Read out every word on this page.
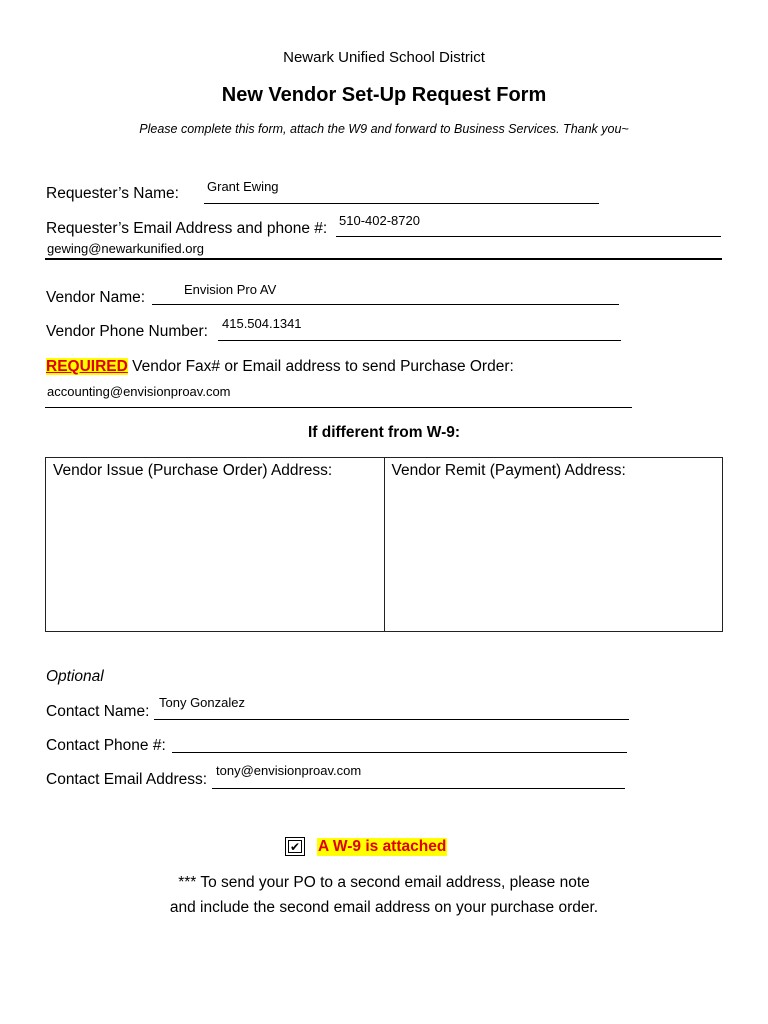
Newark Unified School District
New Vendor Set-Up Request Form
Please complete this form, attach the W9 and forward to Business Services. Thank you~
Requester’s Name: Grant Ewing
Requester’s Email Address and phone #: 510-402-8720
gewing@newarkunified.org
Vendor Name:	Envision Pro AV
Vendor Phone Number: 415.504.1341
REQUIRED Vendor Fax# or Email address to send Purchase Order:
accounting@envisionproav.com
If different from W-9:
Vendor Issue (Purchase Order) Address:	Vendor Remit (Payment) Address:
Optional
Contact Name:
Tony Gonzalez
Contact Phone #:
Contact Email Address:
tony@envisionproav.com
✔ A W-9 is attached
*** To send your PO to a second email address, please note
and include the second email address on your purchase order.
